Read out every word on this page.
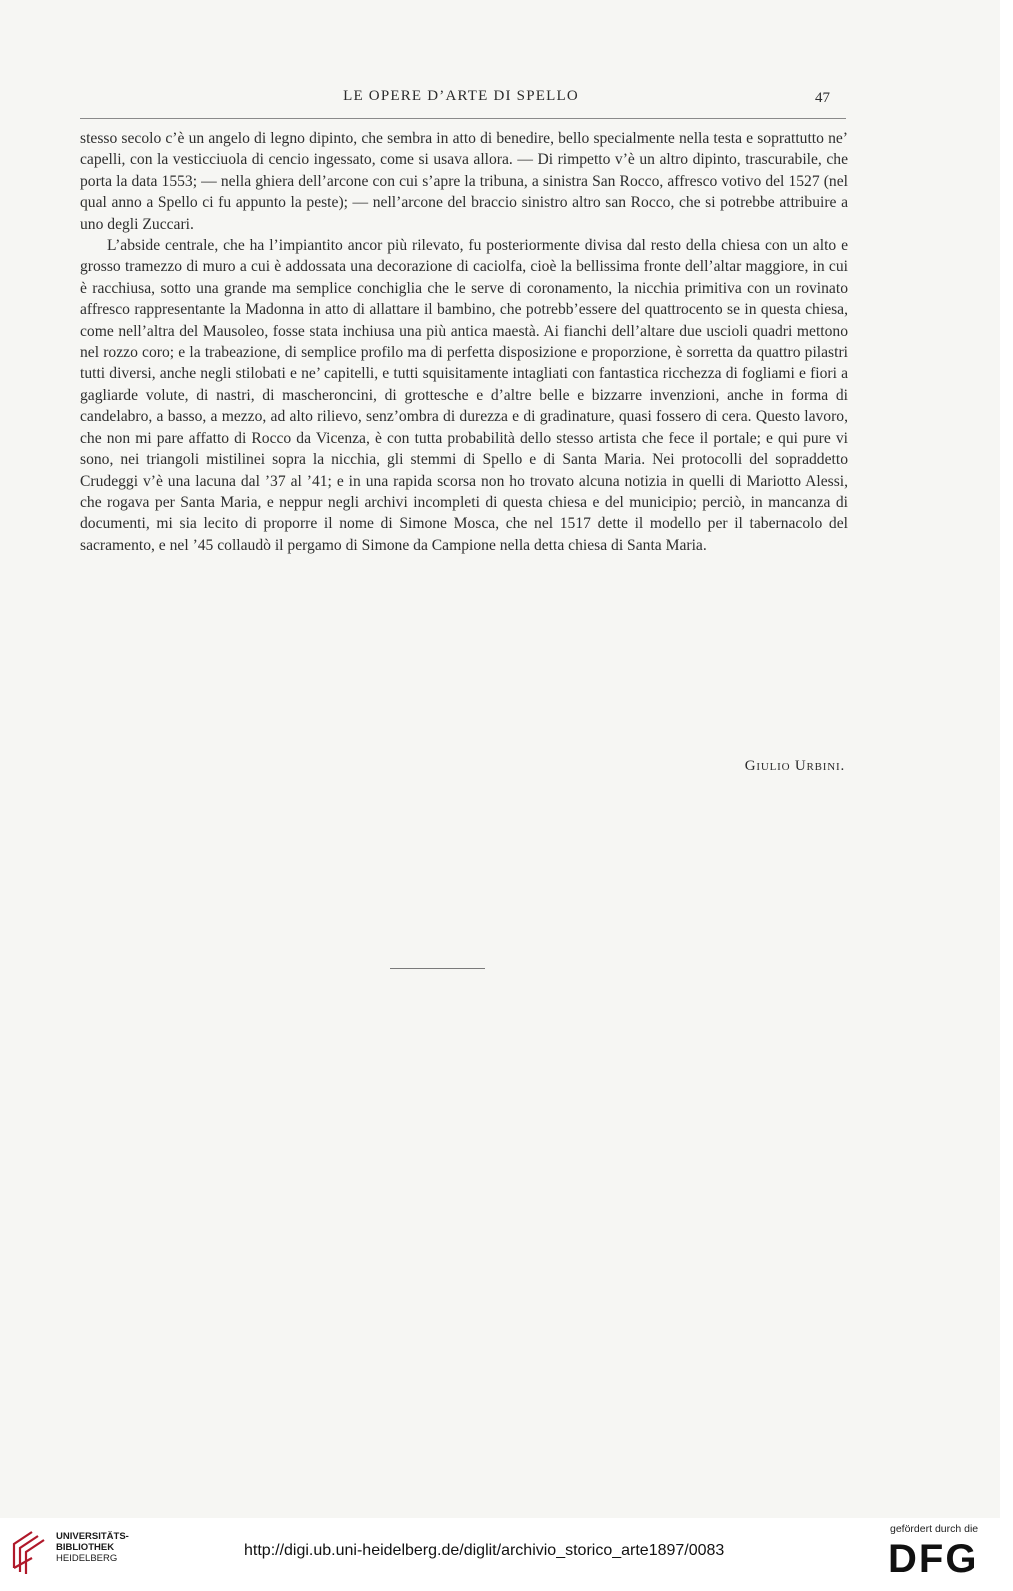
LE OPERE D’ARTE DI SPELLO	47

stesso secolo c’è un angelo di legno dipinto, che sembra in atto di benedire, bello specialmente nella testa e soprattutto ne’ capelli, con la vesticciuola di cencio ingessato, come si usava allora. — Di rimpetto v’è un altro dipinto, trascurabile, che porta la data 1553; — nella ghiera dell’arcone con cui s’apre la tribuna, a sinistra San Rocco, affresco votivo del 1527 (nel qual anno a Spello ci fu appunto la peste); — nell’arcone del braccio sinistro altro san Rocco, che si potrebbe attribuire a uno degli Zuccari.

L’abside centrale, che ha l’impiantito ancor più rilevato, fu posteriormente divisa dal resto della chiesa con un alto e grosso tramezzo di muro a cui è addossata una decorazione di caciolfa, cioè la bellissima fronte dell’altar maggiore, in cui è racchiusa, sotto una grande ma semplice conchiglia che le serve di coronamento, la nicchia primitiva con un rovinato affresco rappresentante la Madonna in atto di allattare il bambino, che potrebb’essere del quattrocento se in questa chiesa, come nell’altra del Mausoleo, fosse stata inchiusa una più antica maestà. Ai fianchi dell’altare due uscioli quadri mettono nel rozzo coro; e la trabeazione, di semplice profilo ma di perfetta disposizione e proporzione, è sorretta da quattro pilastri tutti diversi, anche negli stilobati e ne’ capitelli, e tutti squisitamente intagliati con fantastica ricchezza di fogliami e fiori a gagliarde volute, di nastri, di mascheroncini, di grottesche e d’altre belle e bizzarre invenzioni, anche in forma di candelabro, a basso, a mezzo, ad alto rilievo, senz’ombra di durezza e di gradinature, quasi fossero di cera. Questo lavoro, che non mi pare affatto di Rocco da Vicenza, è con tutta probabilità dello stesso artista che fece il portale; e qui pure vi sono, nei triangoli mistilinei sopra la nicchia, gli stemmi di Spello e di Santa Maria. Nei protocolli del sopraddetto Crudeggi v’è una lacuna dal ’37 al ’41; e in una rapida scorsa non ho trovato alcuna notizia in quelli di Mariotto Alessi, che rogava per Santa Maria, e neppur negli archivi incompleti di questa chiesa e del municipio; perciò, in mancanza di documenti, mi sia lecito di proporre il nome di Simone Mosca, che nel 1517 dette il modello per il tabernacolo del sacramento, e nel ’45 collaudò il pergamo di Simone da Campione nella detta chiesa di Santa Maria.

Giulio Urbini.
UNIVERSITÄTS-
BIBLIOTHEK
HEIDELBERG	http://digi.ub.uni-heidelberg.de/diglit/archivio_storico_arte1897/0083
gefördert durch die
DFG
